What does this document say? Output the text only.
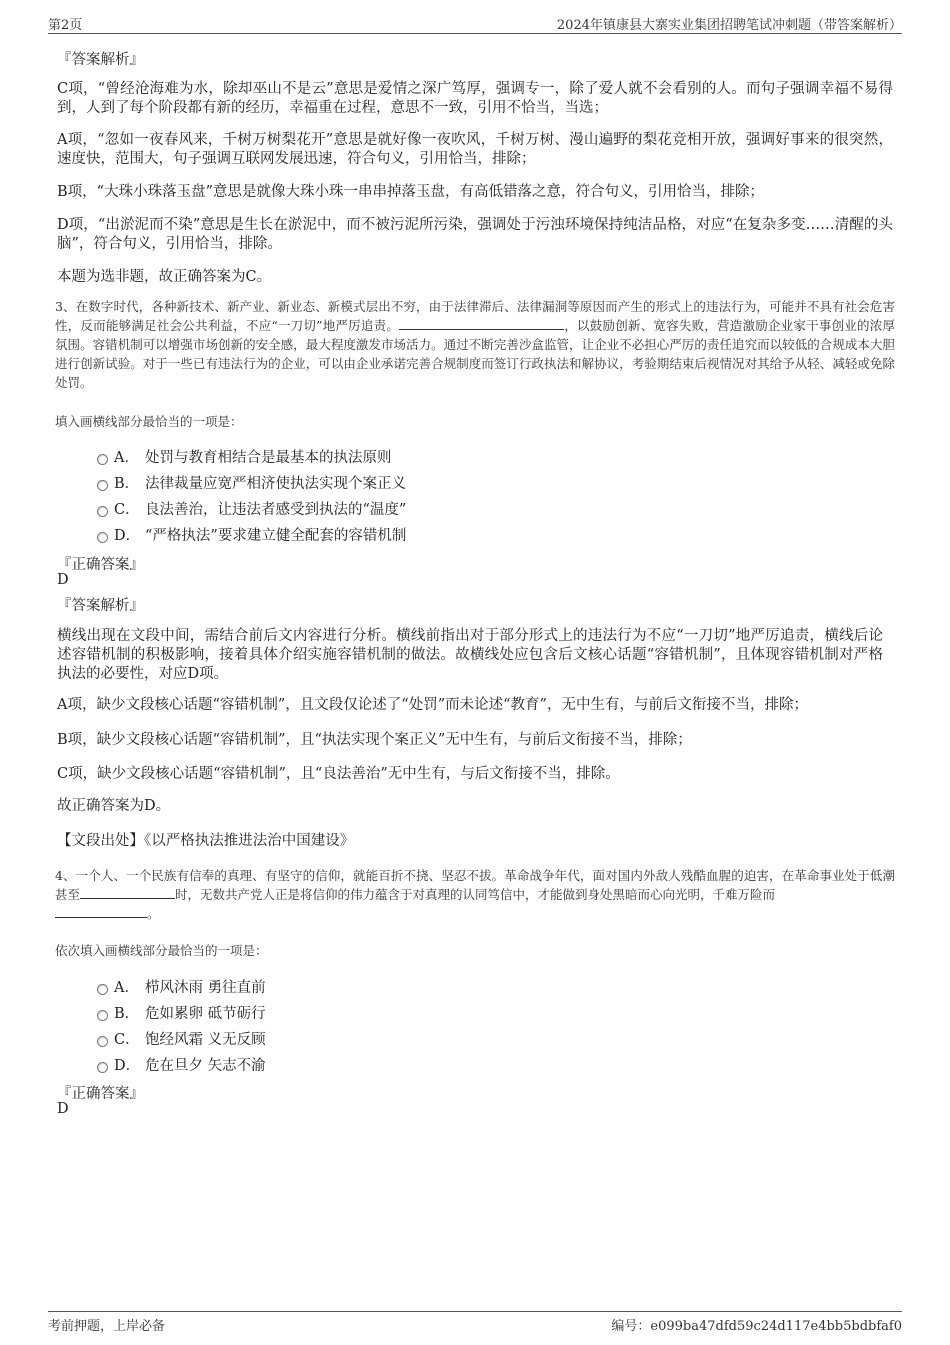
第2页	2024年镇康县大寨实业集团招聘笔试冲刺题（带答案解析）
『答案解析』
C项，“曾经沧海难为水，除却巫山不是云”意思是爱情之深广笃厚，强调专一，除了爱人就不会看别的人。而句子强调幸福不易得到，人到了每个阶段都有新的经历，幸福重在过程，意思不一致，引用不恰当，当选；
A项，“忽如一夜春风来，千树万树梨花开”意思是就好像一夜吹风，千树万树、漫山遍野的梨花竞相开放，强调好事来的很突然，速度快，范围大，句子强调互联网发展迅速，符合句义，引用恰当，排除；
B项，“大珠小珠落玉盘”意思是就像大珠小珠一串串掉落玉盘，有高低错落之意，符合句义，引用恰当，排除；
D项，“出淤泥而不染”意思是生长在淤泥中，而不被污泥所污染，强调处于污浊环境保持纯洁品格，对应“在复杂多变……清醒的头脑”，符合句义，引用恰当，排除。
本题为选非题，故正确答案为C。
3、在数字时代，各种新技术、新产业、新业态、新模式层出不穷，由于法律滞后、法律漏洞等原因而产生的形式上的违法行为，可能并不具有社会危害性，反而能够满足社会公共利益，不应“一刀切”地严厉追责。	，以鼓励创新、宽容失败，营造激励企业家干事创业的浓厚氛围。容错机制可以增强市场创新的安全感，最大程度激发市场活力。通过不断完善沙盒监管，让企业不必担心严厉的责任追究而以较低的合规成本大胆进行创新试验。对于一些已有违法行为的企业，可以由企业承诺完善合规制度而签订行政执法和解协议，考验期结束后视情况对其给予从轻、减轻或免除处罚。
填入画横线部分最恰当的一项是：
A． 处罚与教育相结合是最基本的执法原则
B． 法律裁量应宽严相济使执法实现个案正义
C． 良法善治，让违法者感受到执法的“温度”
D． “严格执法”要求建立健全配套的容错机制
『正确答案』
D
『答案解析』
横线出现在文段中间，需结合前后文内容进行分析。横线前指出对于部分形式上的违法行为不应“一刀切”地严厉追责，横线后论述容错机制的积极影响，接着具体介绍实施容错机制的做法。故横线处应包含后文核心话题“容错机制”，且体现容错机制对严格执法的必要性，对应D项。
A项，缺少文段核心话题“容错机制”，且文段仅论述了“处罚”而未论述“教育”，无中生有，与前后文衔接不当，排除；
B项，缺少文段核心话题“容错机制”，且“执法实现个案正义”无中生有，与前后文衔接不当，排除；
C项，缺少文段核心话题“容错机制”，且“良法善治”无中生有，与后文衔接不当，排除。
故正确答案为D。
【文段出处】《以严格执法推进法治中国建设》
4、一个人、一个民族有信奉的真理、有坚守的信仰，就能百折不挠、坚忍不拔。革命战争年代，面对国内外敌人残酷血腥的迫害，在革命事业处于低潮甚至	时，无数共产党人正是将信仰的伟力蕴含于对真理的认同笃信中，才能做到身处黑暗而心向光明，千难万险而
。
依次填入画横线部分最恰当的一项是：
A． 栉风沐雨 勇往直前
B． 危如累卵 砥节砺行
C． 饱经风霜 义无反顾
D． 危在旦夕 矢志不渝
『正确答案』
D
考前押题，上岸必备	编号：e099ba47dfd59c24d117e4bb5bdbfaf0
